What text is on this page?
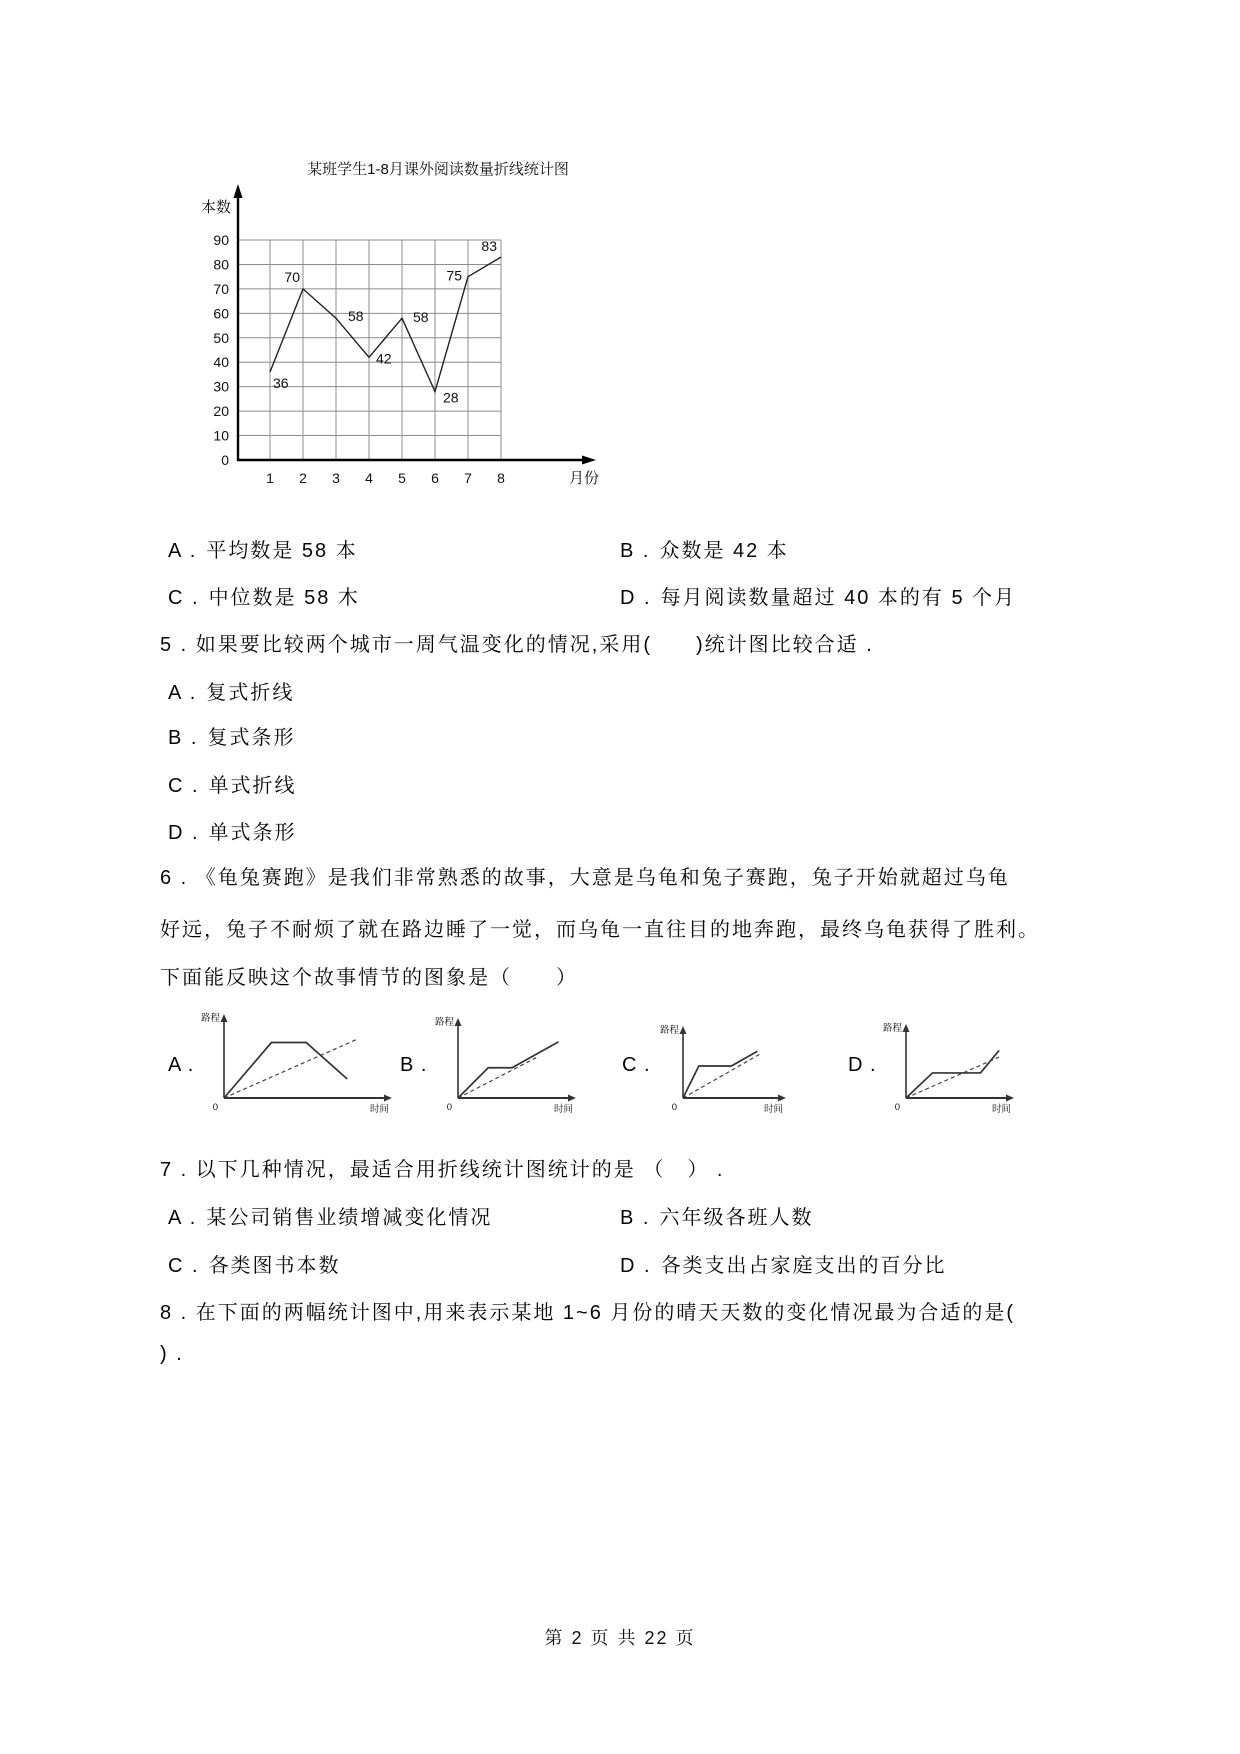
0
10
20
30
40
50
60
70
80
90
1 2 3 4 5 6 7 8	月份
本数
某班学生1-8月课外阅读数量折线统计图
36
70
58
42
58
28
75
83
A . 平均数是 58 本	B . 众数是 42 本
C . 中位数是 58 木	D . 每月阅读数量超过 40 本的有 5 个月
5 . 如果要比较两个城市一周气温变化的情况,采用(　　)统计图比较合适 .
A . 复式折线
B . 复式条形
C . 单式折线
D . 单式条形
6 . 《龟兔赛跑》是我们非常熟悉的故事，大意是乌龟和兔子赛跑，兔子开始就超过乌龟
好远，兔子不耐烦了就在路边睡了一觉，而乌龟一直往目的地奔跑，最终乌龟获得了胜利。
下面能反映这个故事情节的图象是（　　）
A .
路程
时间
0
B .
路程
时间
0
C .
路程
时间
0
D .
路程
时间
0
7 . 以下几种情况，最适合用折线统计图统计的是 （　） .
A . 某公司销售业绩增减变化情况	B . 六年级各班人数
C . 各类图书本数	D . 各类支出占家庭支出的百分比
8 . 在下面的两幅统计图中,用来表示某地 1~6 月份的晴天天数的变化情况最为合适的是(
) .
第 2 页 共 22 页
